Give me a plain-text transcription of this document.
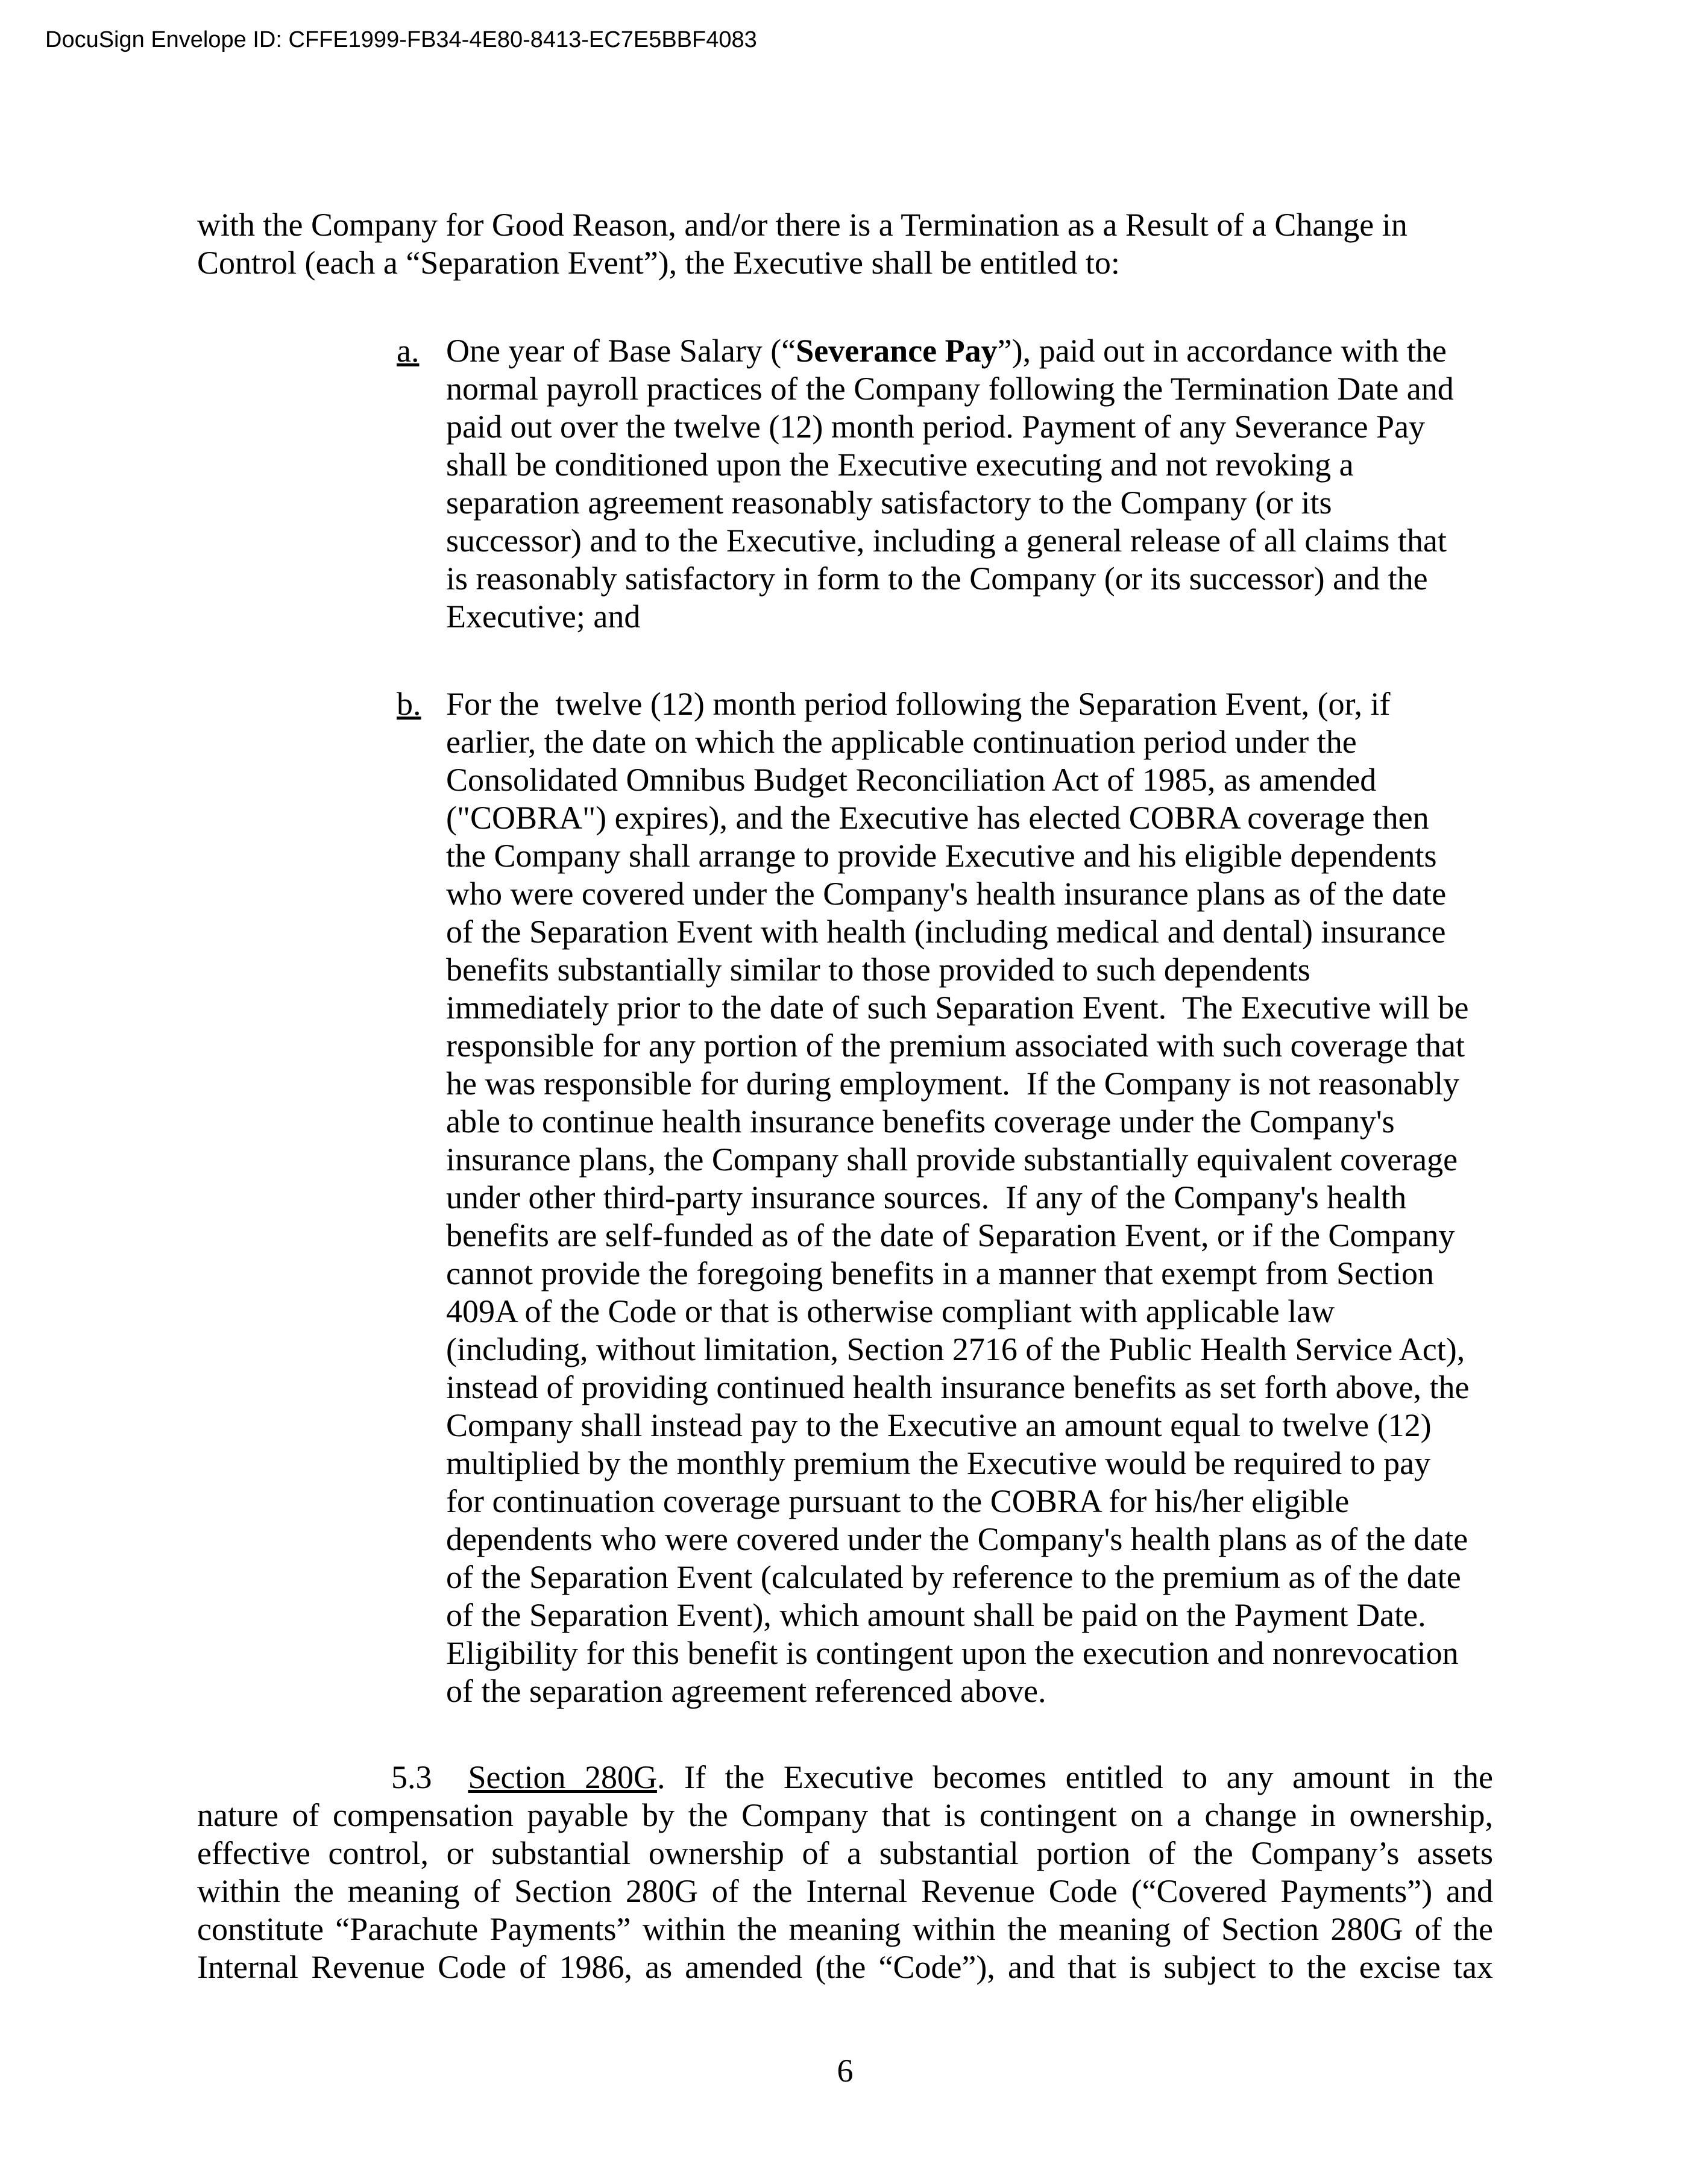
DocuSign Envelope ID: CFFE1999-FB34-4E80-8413-EC7E5BBF4083
with the Company for Good Reason, and/or there is a Termination as a Result of a Change in
Control (each a “Separation Event”), the Executive shall be entitled to:
a. One year of Base Salary (“Severance Pay”), paid out in accordance with the
normal payroll practices of the Company following the Termination Date and
paid out over the twelve (12) month period. Payment of any Severance Pay
shall be conditioned upon the Executive executing and not revoking a
separation agreement reasonably satisfactory to the Company (or its
successor) and to the Executive, including a general release of all claims that
is reasonably satisfactory in form to the Company (or its successor) and the
Executive; and
b. For the  twelve (12) month period following the Separation Event, (or, if
earlier, the date on which the applicable continuation period under the
Consolidated Omnibus Budget Reconciliation Act of 1985, as amended
("COBRA") expires), and the Executive has elected COBRA coverage then
the Company shall arrange to provide Executive and his eligible dependents
who were covered under the Company's health insurance plans as of the date
of the Separation Event with health (including medical and dental) insurance
benefits substantially similar to those provided to such dependents
immediately prior to the date of such Separation Event.  The Executive will be
responsible for any portion of the premium associated with such coverage that
he was responsible for during employment.  If the Company is not reasonably
able to continue health insurance benefits coverage under the Company's
insurance plans, the Company shall provide substantially equivalent coverage
under other third-party insurance sources.  If any of the Company's health
benefits are self-funded as of the date of Separation Event, or if the Company
cannot provide the foregoing benefits in a manner that exempt from Section
409A of the Code or that is otherwise compliant with applicable law
(including, without limitation, Section 2716 of the Public Health Service Act),
instead of providing continued health insurance benefits as set forth above, the
Company shall instead pay to the Executive an amount equal to twelve (12)
multiplied by the monthly premium the Executive would be required to pay
for continuation coverage pursuant to the COBRA for his/her eligible
dependents who were covered under the Company's health plans as of the date
of the Separation Event (calculated by reference to the premium as of the date
of the Separation Event), which amount shall be paid on the Payment Date.
Eligibility for this benefit is contingent upon the execution and nonrevocation
of the separation agreement referenced above.
5.3 Section 280G. If the Executive becomes entitled to any amount in the
nature of compensation payable by the Company that is contingent on a change in ownership,
effective control, or substantial ownership of a substantial portion of the Company’s assets
within the meaning of Section 280G of the Internal Revenue Code (“Covered Payments”) and
constitute “Parachute Payments” within the meaning within the meaning of Section 280G of the
Internal Revenue Code of 1986, as amended (the “Code”), and that is subject to the excise tax
6
